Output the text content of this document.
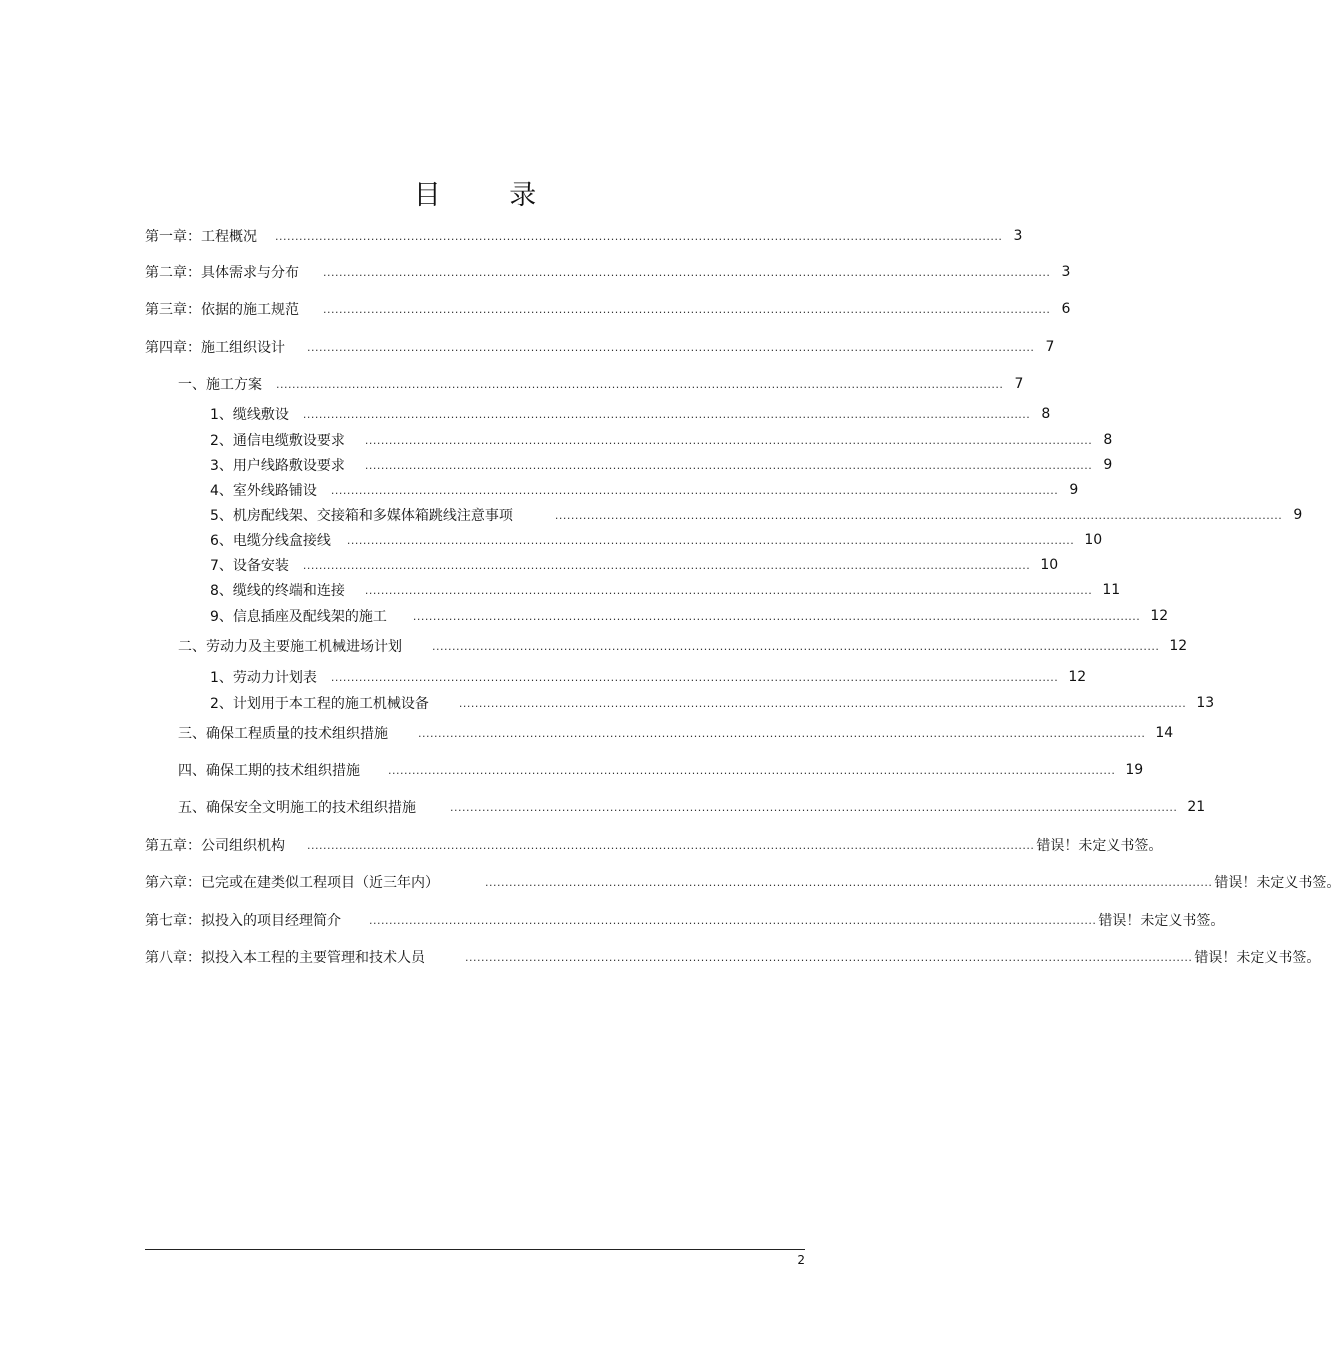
目 录
第一章：工程概况 ...................................................................................................................................................................................... 3
第二章：具体需求与分布 ...................................................................................................................................................................................... 3
第三章：依据的施工规范 ...................................................................................................................................................................................... 6
第四章：施工组织设计 ...................................................................................................................................................................................... 7
一、施工方案 ...................................................................................................................................................................................... 7
1、缆线敷设 ...................................................................................................................................................................................... 8
2、通信电缆敷设要求 ...................................................................................................................................................................................... 8
3、用户线路敷设要求 ...................................................................................................................................................................................... 9
4、室外线路铺设 ...................................................................................................................................................................................... 9
5、机房配线架、交接箱和多媒体箱跳线注意事项	...................................................................................................................................................................................... 9
6、电缆分线盒接线 ...................................................................................................................................................................................... 10
7、设备安装 ...................................................................................................................................................................................... 10
8、缆线的终端和连接 ...................................................................................................................................................................................... 11
9、信息插座及配线架的施工 ...................................................................................................................................................................................... 12
二、劳动力及主要施工机械进场计划	...................................................................................................................................................................................... 12
1、劳动力计划表 ...................................................................................................................................................................................... 12
2、计划用于本工程的施工机械设备	...................................................................................................................................................................................... 13
三、确保工程质量的技术组织措施	...................................................................................................................................................................................... 14
四、确保工期的技术组织措施	...................................................................................................................................................................................... 19
五、确保安全文明施工的技术组织措施	...................................................................................................................................................................................... 21
第五章：公司组织机构 ...................................................................................................................................................................................... 错误！未定义书签。
第六章：已完或在建类似工程项目（近三年内）	...................................................................................................................................................................................... 错误！未定义书签。
第七章：拟投入的项目经理简介	...................................................................................................................................................................................... 错误！未定义书签。
第八章：拟投入本工程的主要管理和技术人员	...................................................................................................................................................................................... 错误！未定义书签。
2
